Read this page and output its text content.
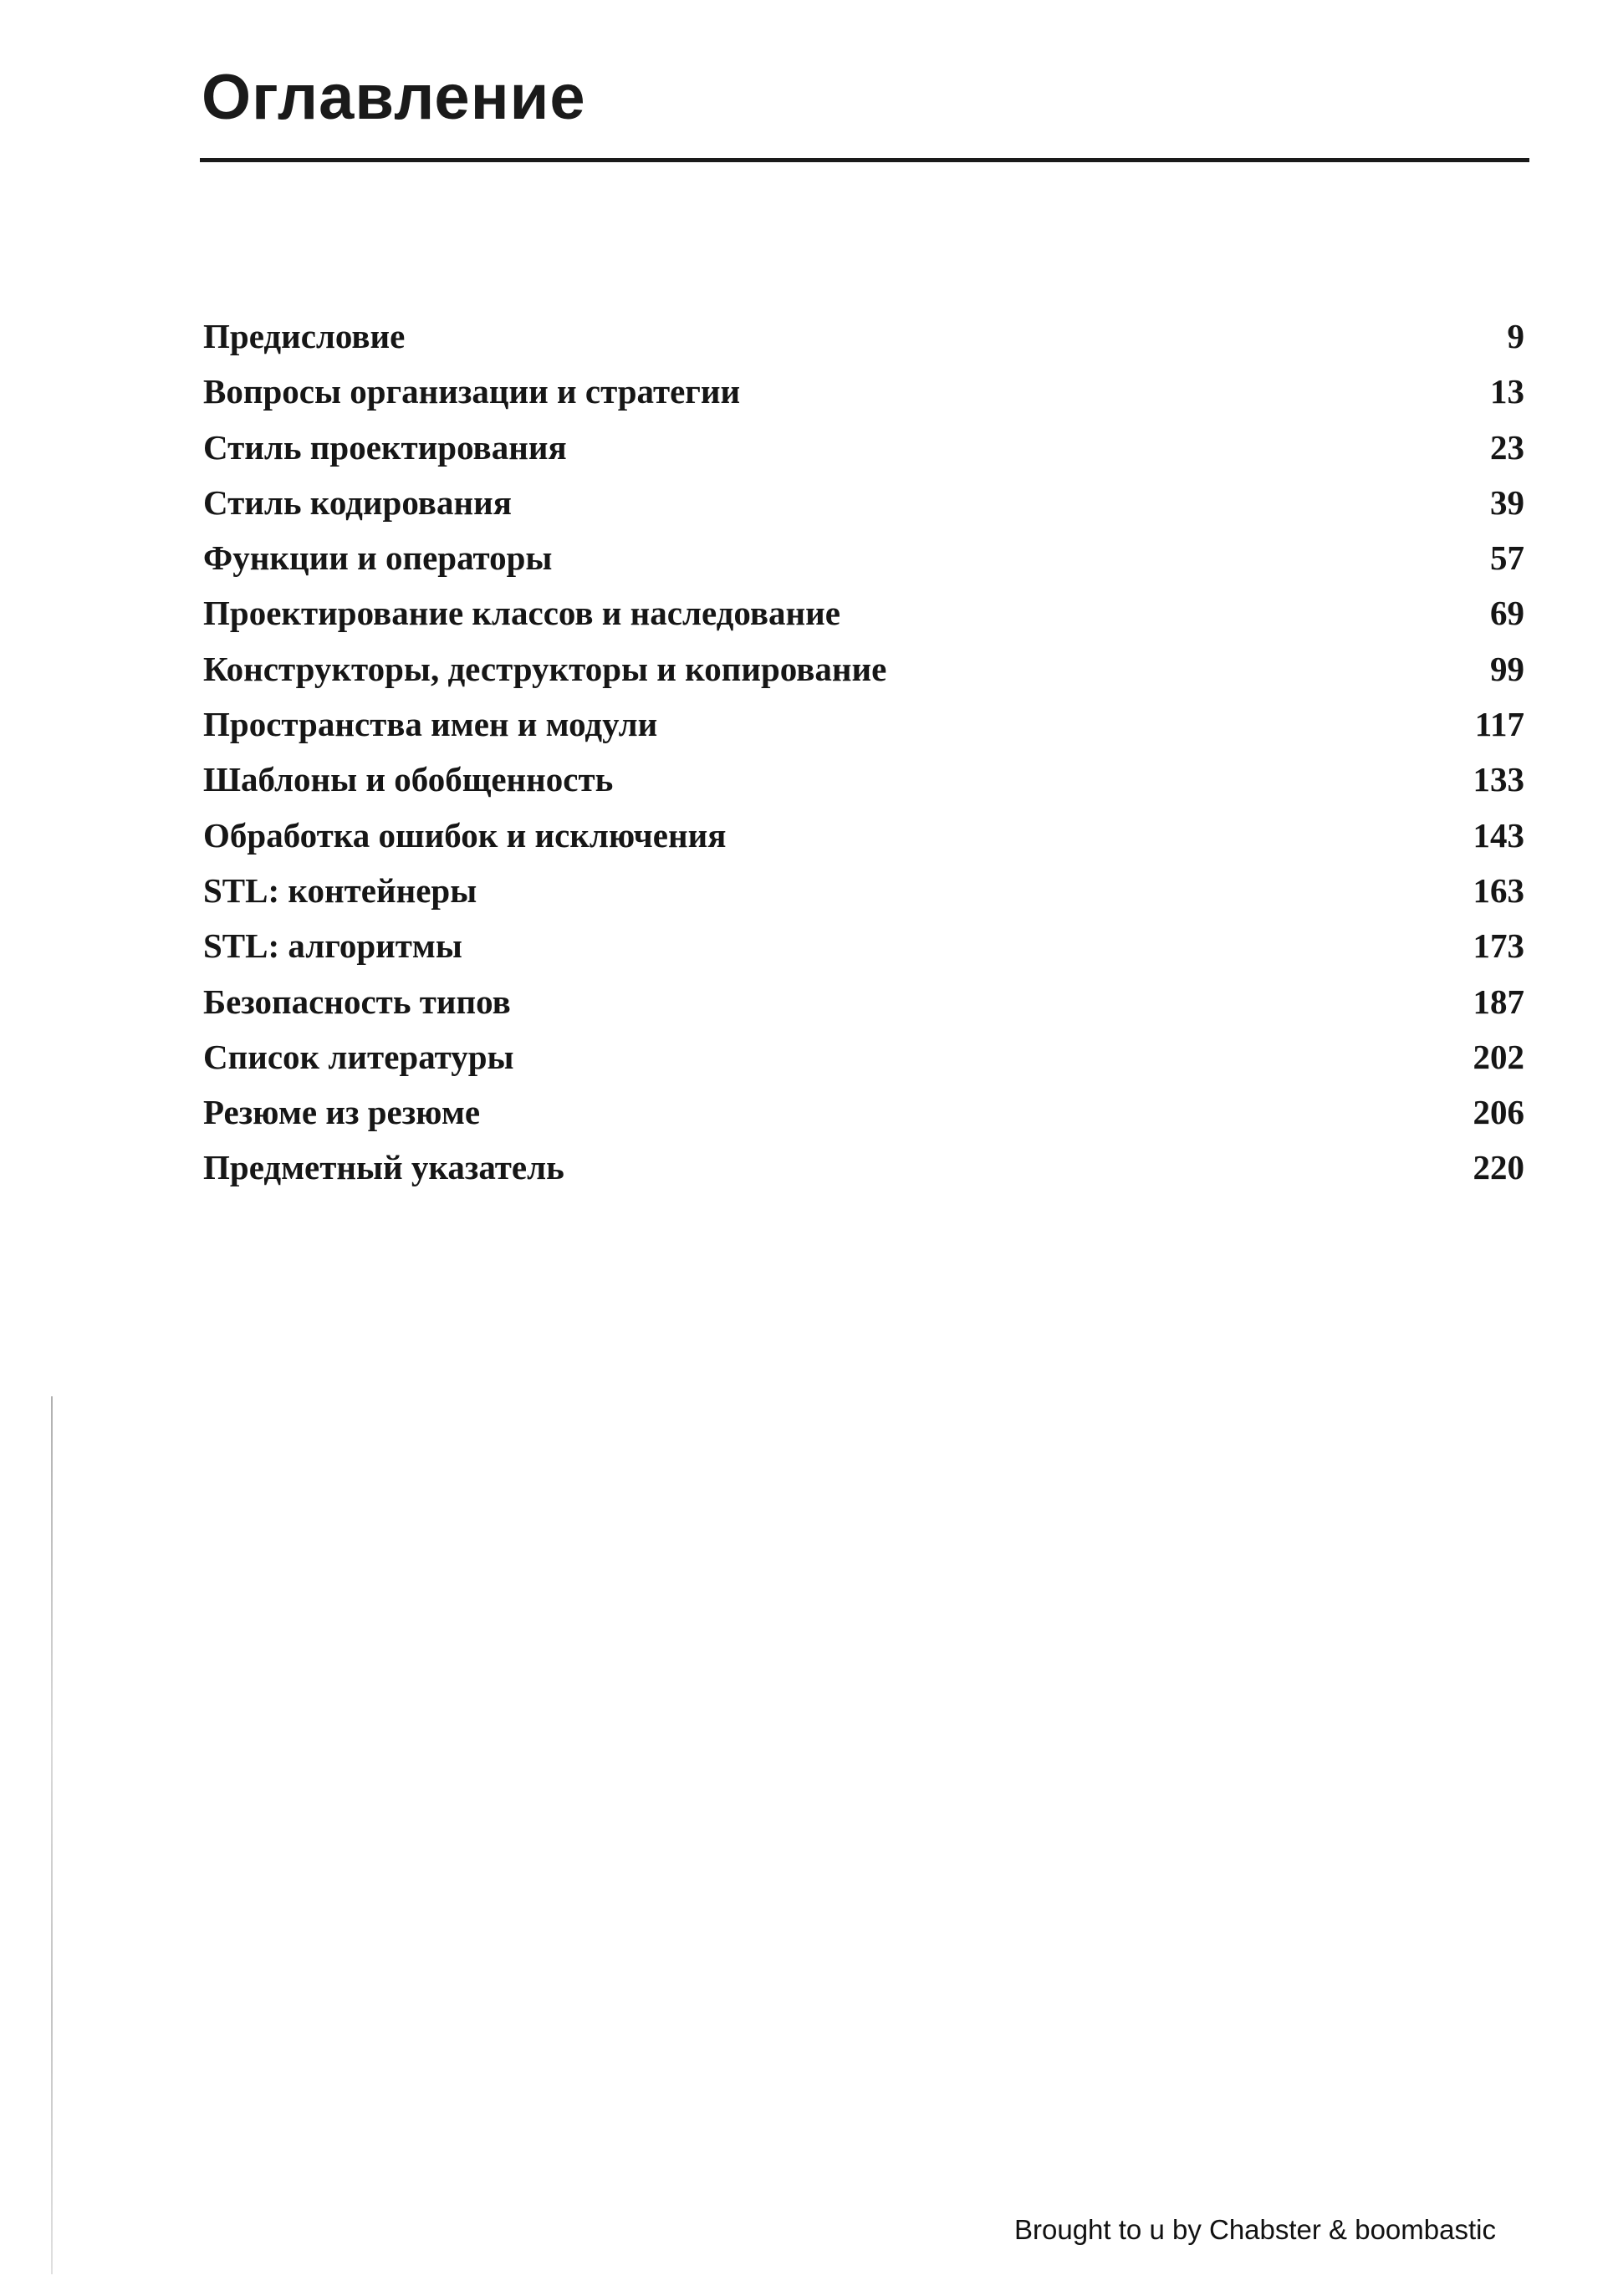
Оглавление
Предисловие	9
Вопросы организации и стратегии	13
Стиль проектирования	23
Стиль кодирования	39
Функции и операторы	57
Проектирование классов и наследование	69
Конструкторы, деструкторы и копирование	99
Пространства имен и модули	117
Шаблоны и обобщенность	133
Обработка ошибок и исключения	143
STL: контейнеры	163
STL: алгоритмы	173
Безопасность типов	187
Список литературы	202
Резюме из резюме	206
Предметный указатель	220
Brought to u by Chabster & boombastic
